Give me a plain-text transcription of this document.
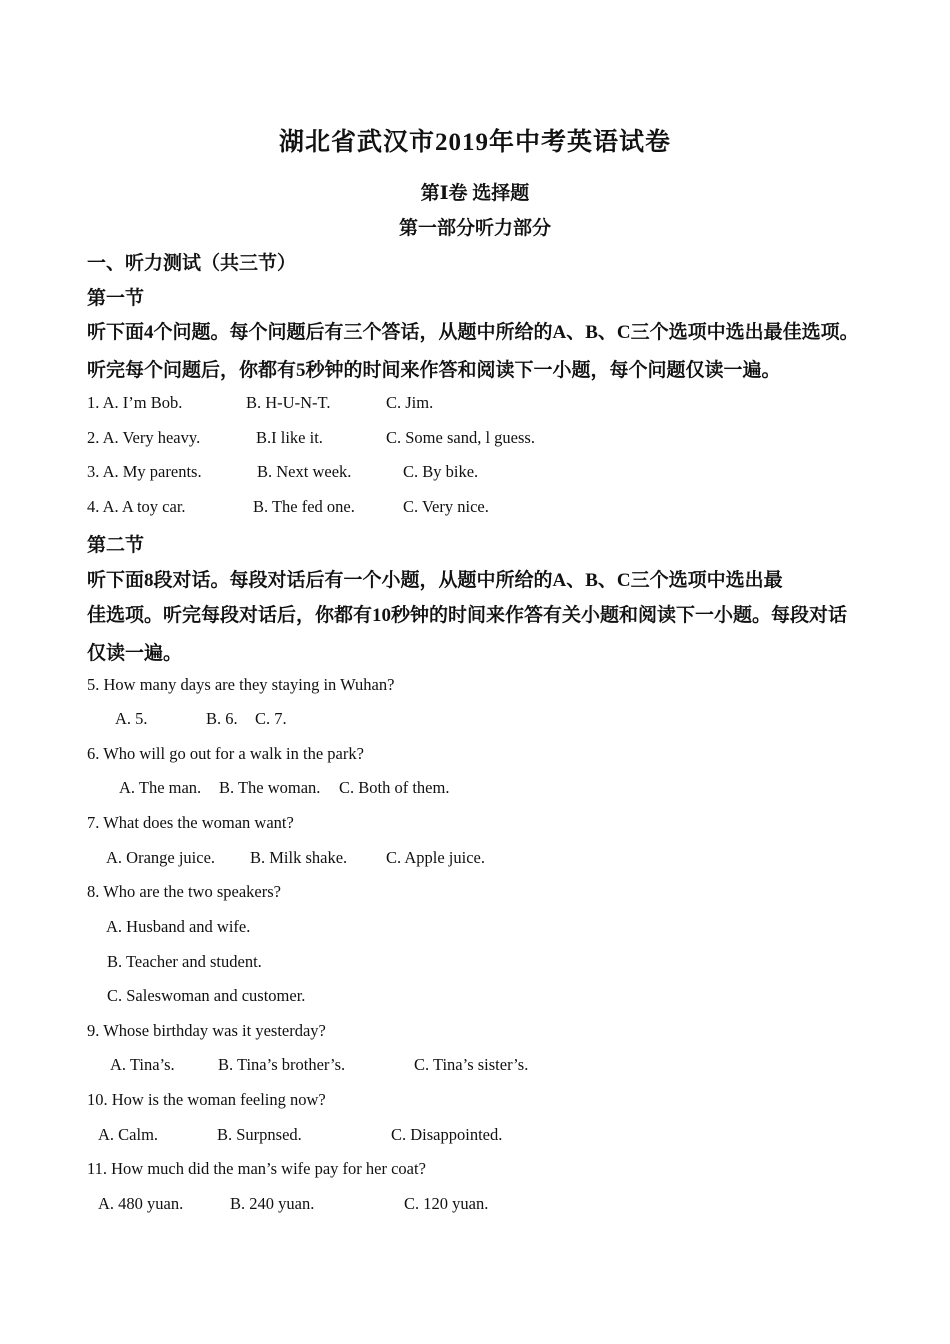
湖北省武汉市2019年中考英语试卷
第Ⅰ卷 选择题
第一部分听力部分
一、听力测试（共三节）
第一节
听下面4个问题。每个问题后有三个答话，从题中所给的A、B、C三个选项中选出最佳选项。
听完每个问题后，你都有5秒钟的时间来作答和阅读下一小题，每个问题仅读一遍。
1. A. I’m Bob.	B. H-U-N-T.	C. Jim.
2. A. Very heavy.	B.I like it.	C. Some sand, l guess.
3. A. My parents.	B. Next week.	C. By bike.
4. A. A toy car.	B. The fed one.	C. Very nice.
第二节
听下面8段对话。每段对话后有一个小题，从题中所给的A、B、C三个选项中选出最
佳选项。听完每段对话后，你都有10秒钟的时间来作答有关小题和阅读下一小题。每段对话
仅读一遍。
5. How many days are they staying in Wuhan?
A. 5.	B. 6. C. 7.
6. Who will go out for a walk in the park?
A. The man. B. The woman. C. Both of them.
7. What does the woman want?
A. Orange juice. B. Milk shake. C. Apple juice.
8. Who are the two speakers?
A. Husband and wife.
B. Teacher and student.
C. Saleswoman and customer.
9. Whose birthday was it yesterday?
A. Tina’s.	B. Tina’s brother’s.	C. Tina’s sister’s.
10. How is the woman feeling now?
A. Calm.	B. Surpnsed.	C. Disappointed.
11. How much did the man’s wife pay for her coat?
A. 480 yuan.	B. 240 yuan.	C. 120 yuan.
